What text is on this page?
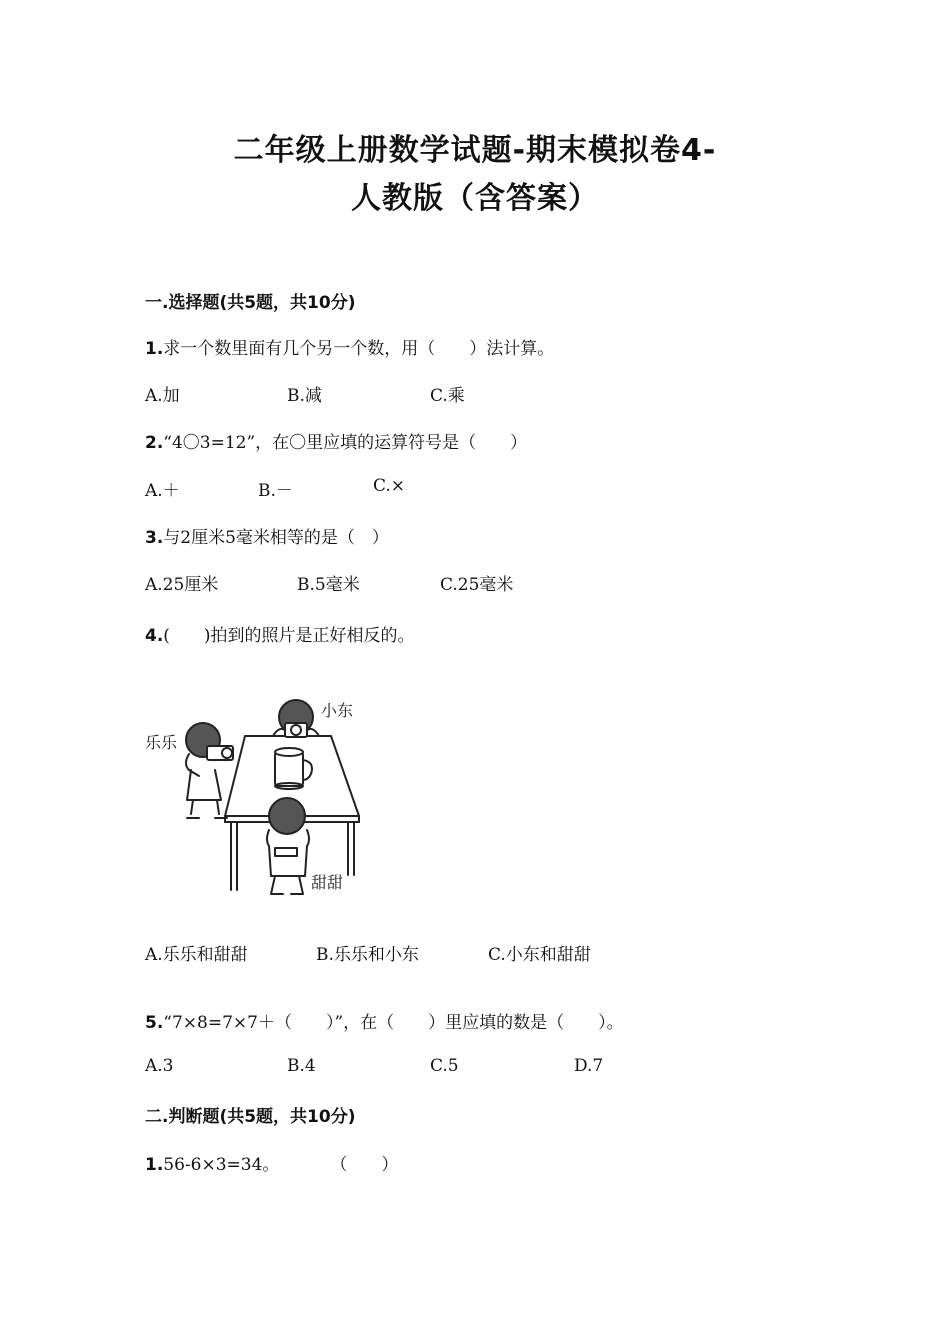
二年级上册数学试题-期末模拟卷4-
人教版（含答案）
一.选择题(共5题，共10分)
1.求一个数里面有几个另一个数，用（　　）法计算。
A.加	B.减	C.乘
2.“4〇3=12”，在〇里应填的运算符号是（　　）
A.＋	B.－	C.×
3.与2厘米5毫米相等的是（　）
A.25厘米	B.5毫米	C.25毫米
4.(　　)拍到的照片是正好相反的。
乐乐
小东
甜甜
A.乐乐和甜甜	B.乐乐和小东	C.小东和甜甜
5.“7×8=7×7＋（　　）”，在（　　）里应填的数是（　　）。
A.3	B.4	C.5	D.7
二.判断题(共5题，共10分)
1.56-6×3=34。　　　　（　　）
